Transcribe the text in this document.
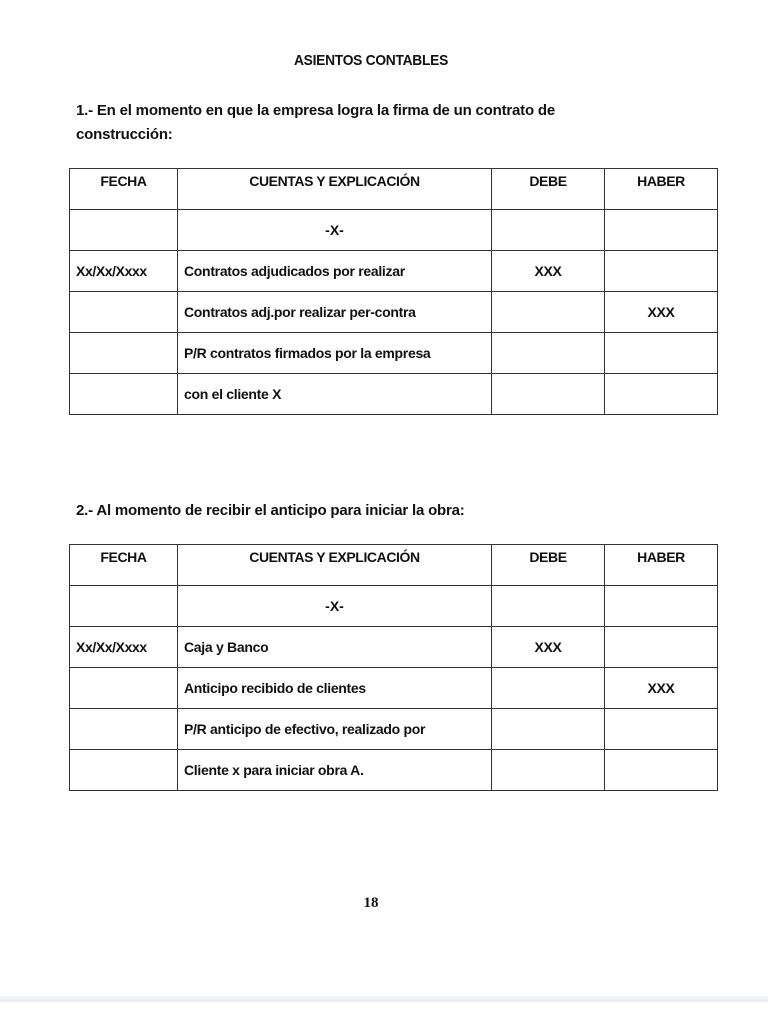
ASIENTOS CONTABLES
1.- En el momento en que la empresa logra la firma de un contrato de
construcción:
FECHA	CUENTAS Y EXPLICACIÓN	DEBE	HABER
	-X-		
Xx/Xx/Xxxx	Contratos adjudicados por realizar	XXX	
	Contratos adj.por realizar per-contra		XXX
	P/R contratos firmados por la empresa		
	con el cliente X		
2.- Al momento de recibir el anticipo para iniciar la obra:
FECHA	CUENTAS Y EXPLICACIÓN	DEBE	HABER
	-X-		
Xx/Xx/Xxxx	Caja y Banco	XXX	
	Anticipo recibido de clientes		XXX
	P/R anticipo de efectivo, realizado por		
	Cliente x para iniciar obra A.		
18
